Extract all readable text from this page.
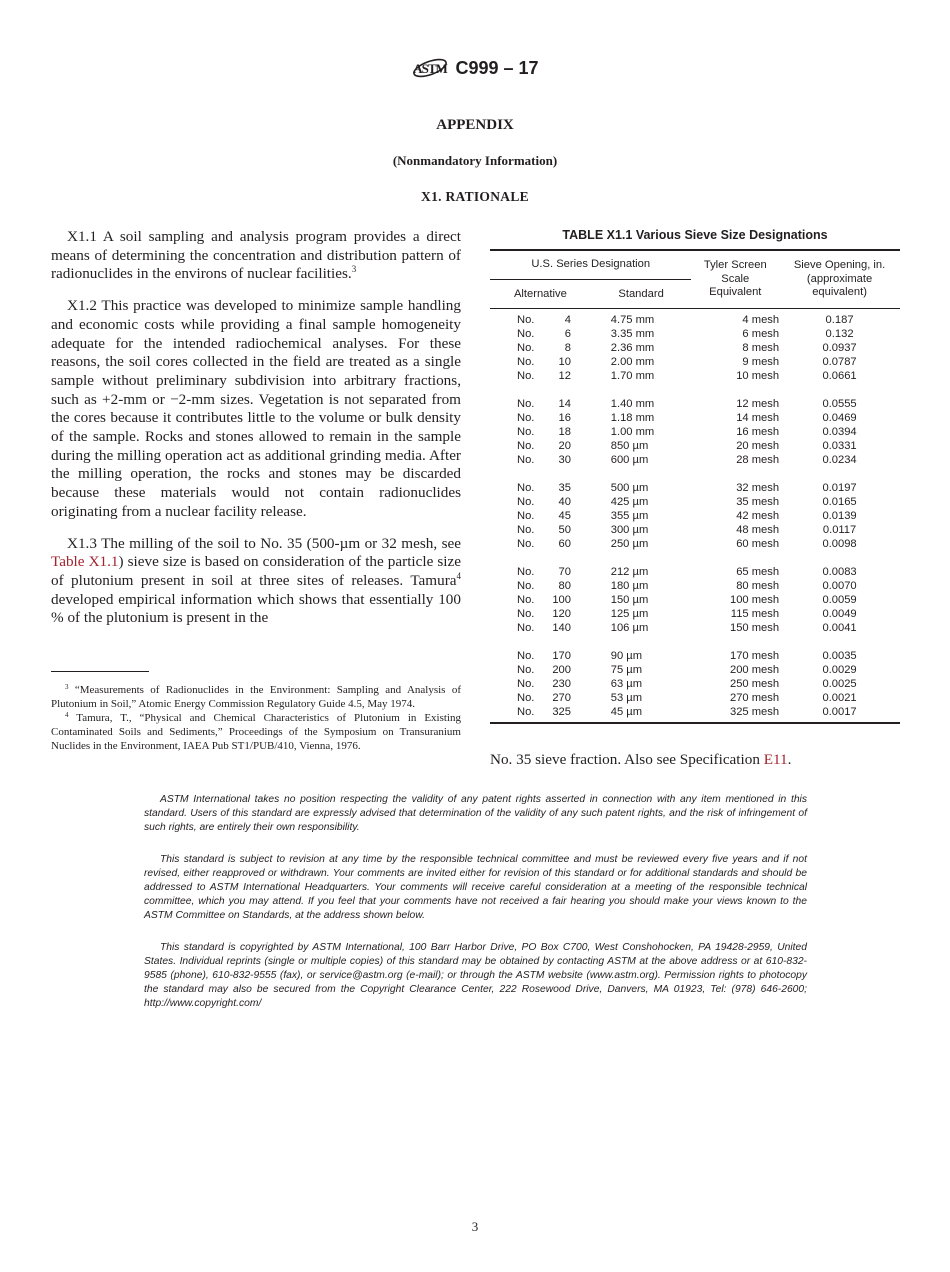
ASTM C999 – 17
APPENDIX
(Nonmandatory Information)
X1. RATIONALE

X1.1 A soil sampling and analysis program provides a direct means of determining the concentration and distribution pattern of radionuclides in the environs of nuclear facilities.$^3$

X1.2 This practice was developed to minimize sample handling and economic costs while providing a final sample homogeneity adequate for the intended radiochemical analyses. For these reasons, the soil cores collected in the field are treated as a single sample without preliminary subdivision into arbitrary fractions, such as +2-mm or −2-mm sizes. Vegetation is not separated from the cores because it contributes little to the volume or bulk density of the sample. Rocks and stones allowed to remain in the sample during the milling operation act as additional grinding media. After the milling operation, the rocks and stones may be discarded because these materials would not contain radionuclides originating from a nuclear facility release.

X1.3 The milling of the soil to No. 35 (500-µm or 32 mesh, see Table X1.1) sieve size is based on consideration of the particle size of plutonium present in soil at three sites of releases. Tamura$^4$ developed empirical information which shows that essentially 100 % of the plutonium is present in the

$^3$ “Measurements of Radionuclides in the Environment: Sampling and Analysis of Plutonium in Soil,” Atomic Energy Commission Regulatory Guide 4.5, May 1974.

$^4$ Tamura, T., “Physical and Chemical Characteristics of Plutonium in Existing Contaminated Soils and Sediments,” Proceedings of the Symposium on Transuranium Nuclides in the Environment, IAEA Pub ST1/PUB/410, Vienna, 1976.

TABLE X1.1 Various Sieve Size Designations
U.S. Series Designation		Tyler Screen Scale Equivalent	Sieve Opening, in. (approximate equivalent)
Alternative	Standard		
No. 4	4.75 mm	4 mesh	0.187
No. 6	3.35 mm	6 mesh	0.132
No. 8	2.36 mm	8 mesh	0.0937
No. 10	2.00 mm	9 mesh	0.0787
No. 12	1.70 mm	10 mesh	0.0661

No. 14	1.40 mm	12 mesh	0.0555
No. 16	1.18 mm	14 mesh	0.0469
No. 18	1.00 mm	16 mesh	0.0394
No. 20	850 µm	20 mesh	0.0331
No. 30	600 µm	28 mesh	0.0234

No. 35	500 µm	32 mesh	0.0197
No. 40	425 µm	35 mesh	0.0165
No. 45	355 µm	42 mesh	0.0139
No. 50	300 µm	48 mesh	0.0117
No. 60	250 µm	60 mesh	0.0098

No. 70	212 µm	65 mesh	0.0083
No. 80	180 µm	80 mesh	0.0070
No. 100	150 µm	100 mesh	0.0059
No. 120	125 µm	115 mesh	0.0049
No. 140	106 µm	150 mesh	0.0041

No. 170	90 µm	170 mesh	0.0035
No. 200	75 µm	200 mesh	0.0029
No. 230	63 µm	250 mesh	0.0025
No. 270	53 µm	270 mesh	0.0021
No. 325	45 µm	325 mesh	0.0017
No. 35 sieve fraction. Also see Specification E11.

ASTM International takes no position respecting the validity of any patent rights asserted in connection with any item mentioned in this standard. Users of this standard are expressly advised that determination of the validity of any such patent rights, and the risk of infringement of such rights, are entirely their own responsibility.

This standard is subject to revision at any time by the responsible technical committee and must be reviewed every five years and if not revised, either reapproved or withdrawn. Your comments are invited either for revision of this standard or for additional standards and should be addressed to ASTM International Headquarters. Your comments will receive careful consideration at a meeting of the responsible technical committee, which you may attend. If you feel that your comments have not received a fair hearing you should make your views known to the ASTM Committee on Standards, at the address shown below.

This standard is copyrighted by ASTM International, 100 Barr Harbor Drive, PO Box C700, West Conshohocken, PA 19428-2959, United States. Individual reprints (single or multiple copies) of this standard may be obtained by contacting ASTM at the above address or at 610-832-9585 (phone), 610-832-9555 (fax), or service@astm.org (e-mail); or through the ASTM website (www.astm.org). Permission rights to photocopy the standard may also be secured from the Copyright Clearance Center, 222 Rosewood Drive, Danvers, MA 01923, Tel: (978) 646-2600; http://www.copyright.com/

3
